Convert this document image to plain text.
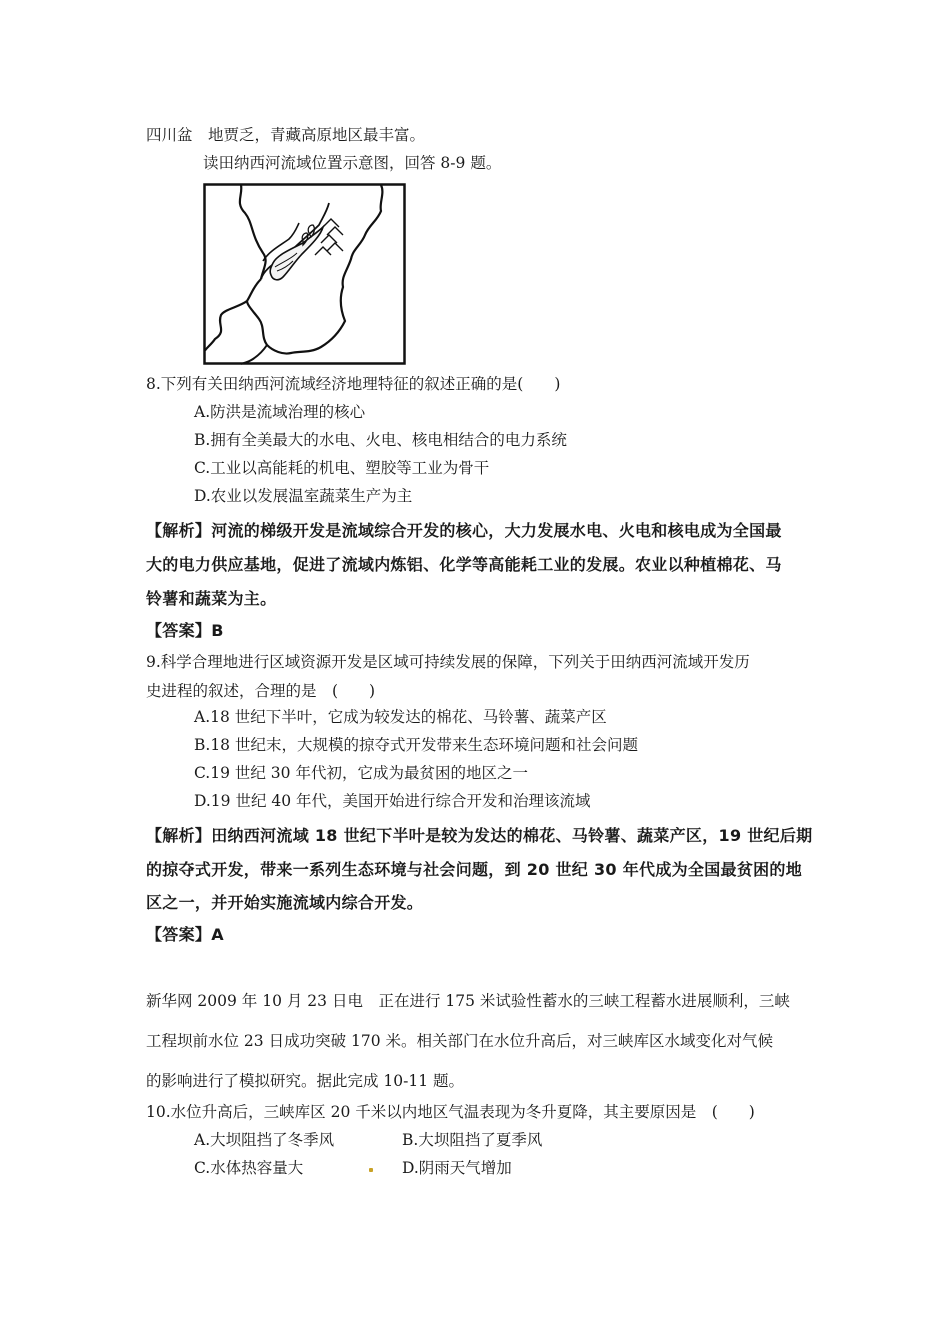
四川盆　地贾乏，青藏高原地区最丰富。
读田纳西河流域位置示意图，回答 8-9 题。
8.下列有关田纳西河流域经济地理特征的叙述正确的是(　　)
A.防洪是流域治理的核心
B.拥有全美最大的水电、火电、核电相结合的电力系统
C.工业以高能耗的机电、塑胶等工业为骨干
D.农业以发展温室蔬菜生产为主
【解析】河流的梯级开发是流域综合开发的核心，大力发展水电、火电和核电成为全国最
大的电力供应基地，促进了流域内炼铝、化学等高能耗工业的发展。农业以种植棉花、马
铃薯和蔬菜为主。
【答案】B
9.科学合理地进行区域资源开发是区域可持续发展的保障，下列关于田纳西河流域开发历
史进程的叙述，合理的是　(　　)
A.18 世纪下半叶，它成为较发达的棉花、马铃薯、蔬菜产区
B.18 世纪末，大规模的掠夺式开发带来生态环境问题和社会问题
C.19 世纪 30 年代初，它成为最贫困的地区之一
D.19 世纪 40 年代，美国开始进行综合开发和治理该流域
【解析】田纳西河流域 18 世纪下半叶是较为发达的棉花、马铃薯、蔬菜产区，19 世纪后期
的掠夺式开发，带来一系列生态环境与社会问题，到 20 世纪 30 年代成为全国最贫困的地
区之一，并开始实施流域内综合开发。
【答案】A
新华网 2009 年 10 月 23 日电　正在进行 175 米试验性蓄水的三峡工程蓄水进展顺利，三峡
工程坝前水位 23 日成功突破 170 米。相关部门在水位升高后，对三峡库区水域变化对气候
的影响进行了模拟研究。据此完成 10-11 题。
10.水位升高后，三峡库区 20 千米以内地区气温表现为冬升夏降，其主要原因是　(　　)
A.大坝阻挡了冬季风	B.大坝阻挡了夏季风
C.水体热容量大	D.阴雨天气增加
